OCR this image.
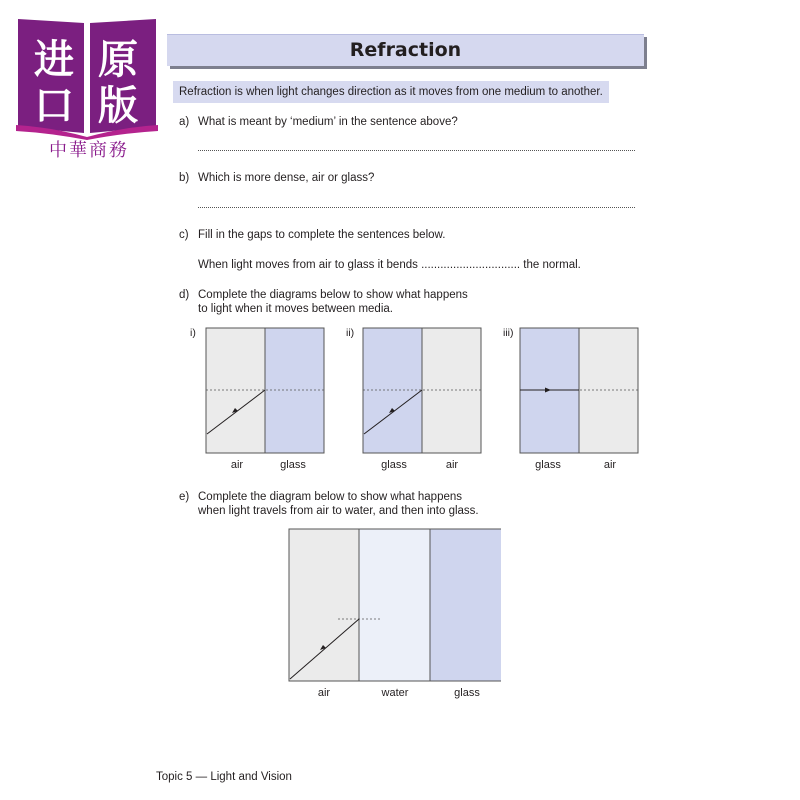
进 原
口 版
中華商務
Refraction
Refraction is when light changes direction as it moves from one medium to another.
a) What is meant by ‘medium’ in the sentence above?
b) Which is more dense, air or glass?
c) Fill in the gaps to complete the sentences below.
When light moves from air to glass it bends ............................... the normal.
d) Complete the diagrams below to show what happens
to light when it moves between media.
i)
air	glass
ii)
glass	air
iii)
glass	air
e) Complete the diagram below to show what happens
when light travels from air to water, and then into glass.
air	water	glass
Topic 5 — Light and Vision
